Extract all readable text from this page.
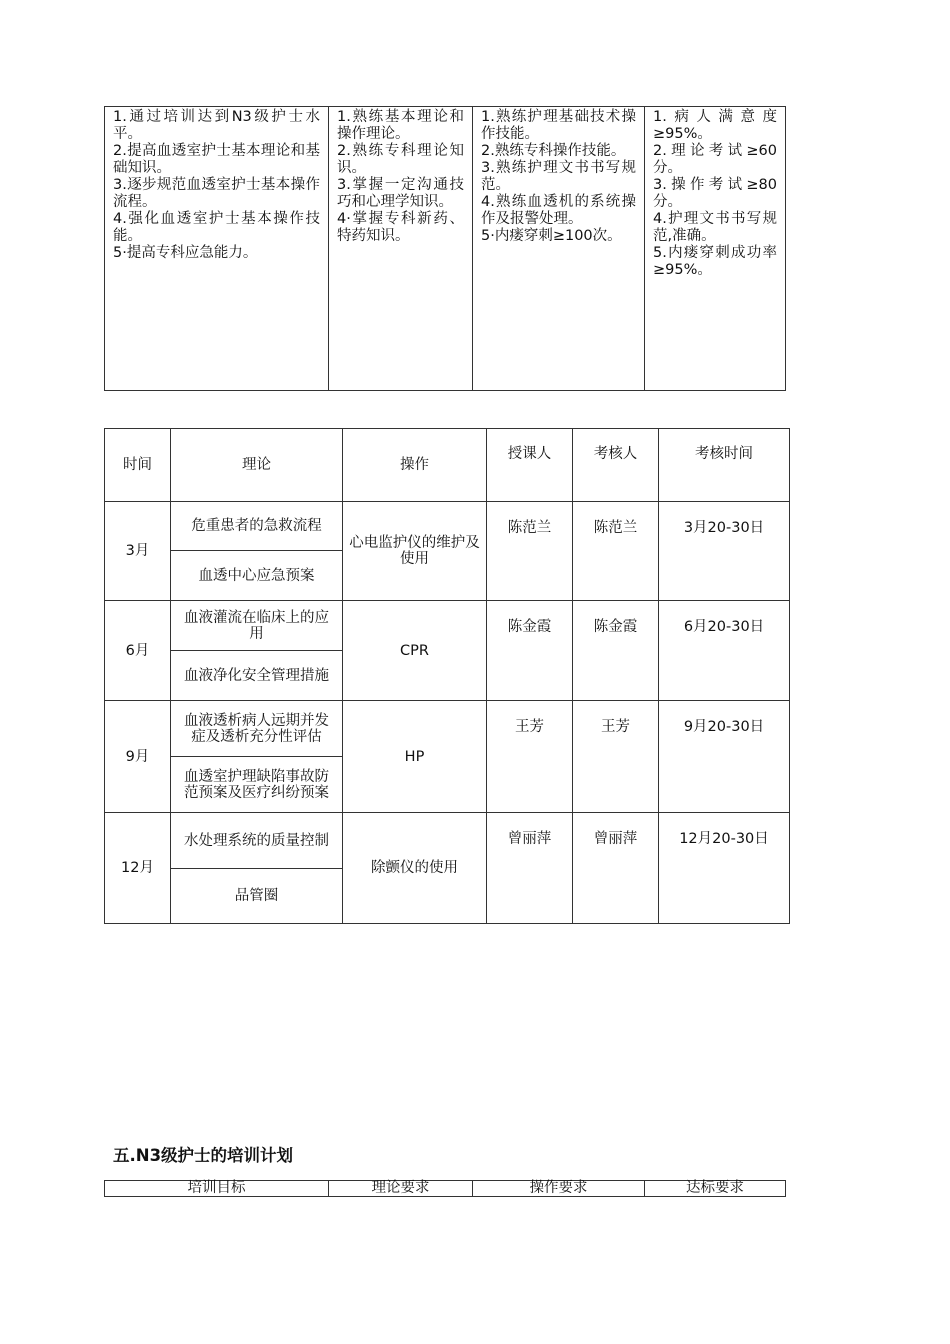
1.通过培训达到N3级护士水平。
2.提高血透室护士基本理论和基础知识。
3.逐步规范血透室护士基本操作流程。
4.强化血透室护士基本操作技能。
5·提高专科应急能力。

1.熟练基本理论和操作理论。
2.熟练专科理论知识。
3.掌握一定沟通技巧和心理学知识。
4·掌握专科新药、特药知识。

1.熟练护理基础技术操作技能。
2.熟练专科操作技能。
3.熟练护理文书书写规范。
4.熟练血透机的系统操作及报警处理。
5·内瘘穿刺≥100次。

1.病人满意度≥95%。
2.理论考试≥60分。
3.操作考试≥80分。
4.护理文书书写规范,准确。
5.内瘘穿刺成功率≥95%。
时间	理论	操作	授课人	考核人	考核时间
3月	危重患者的急救流程	心电监护仪的维护及使用	陈范兰	陈范兰	3月20-30日
	血透中心应急预案				
6月	血液灌流在临床上的应用	CPR	陈金霞	陈金霞	6月20-30日
	血液净化安全管理措施				
9月	血液透析病人远期并发症及透析充分性评估	HP	王芳	王芳	9月20-30日
	血透室护理缺陷事故防范预案及医疗纠纷预案				
12月	水处理系统的质量控制	除颤仪的使用	曾丽萍	曾丽萍	12月20-30日
	品管圈				
五.N3级护士的培训计划
培训目标	理论要求	操作要求	达标要求
